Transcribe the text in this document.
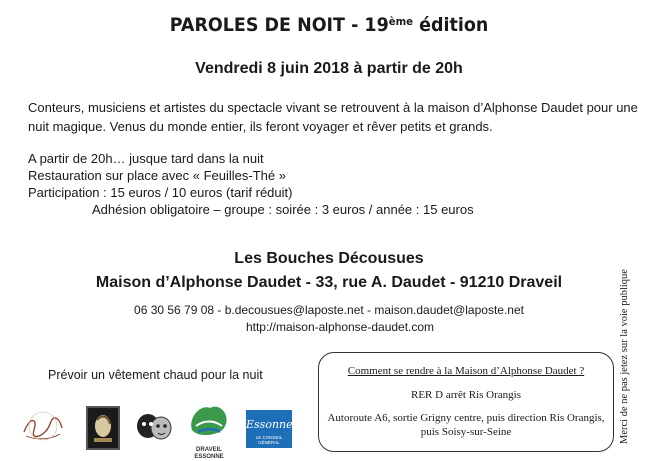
PAROLES DE NOIT - 19ème édition
Vendredi 8 juin 2018 à partir de 20h
Conteurs, musiciens et artistes du spectacle vivant se retrouvent à la maison d’Alphonse Daudet pour une nuit magique. Venus du monde entier, ils feront voyager et rêver petits et grands.
A partir de 20h… jusque tard dans la nuit
Restauration sur place avec « Feuilles-Thé »
Participation : 15 euros / 10 euros (tarif réduit)
Adhésion obligatoire – groupe : soirée : 3 euros / année : 15 euros
Les Bouches Décousues
Maison d’Alphonse Daudet - 33, rue A. Daudet - 91210 Draveil
06 30 56 79 08 - b.decousues@laposte.net - maison.daudet@laposte.net
http://maison-alphonse-daudet.com
Prévoir un vêtement chaud pour la nuit	Comment se rendre à la Maison d’Alphonse Daudet ?
RER D arrêt Ris Orangis
Autoroute A6, sortie Grigny centre, puis direction Ris Orangis, puis Soisy-sur-Seine	Merci de ne pas jetez sur la voie publique
DRAVEIL ESSONNE
Essonne
LE CONSEIL GÉNÉRAL
